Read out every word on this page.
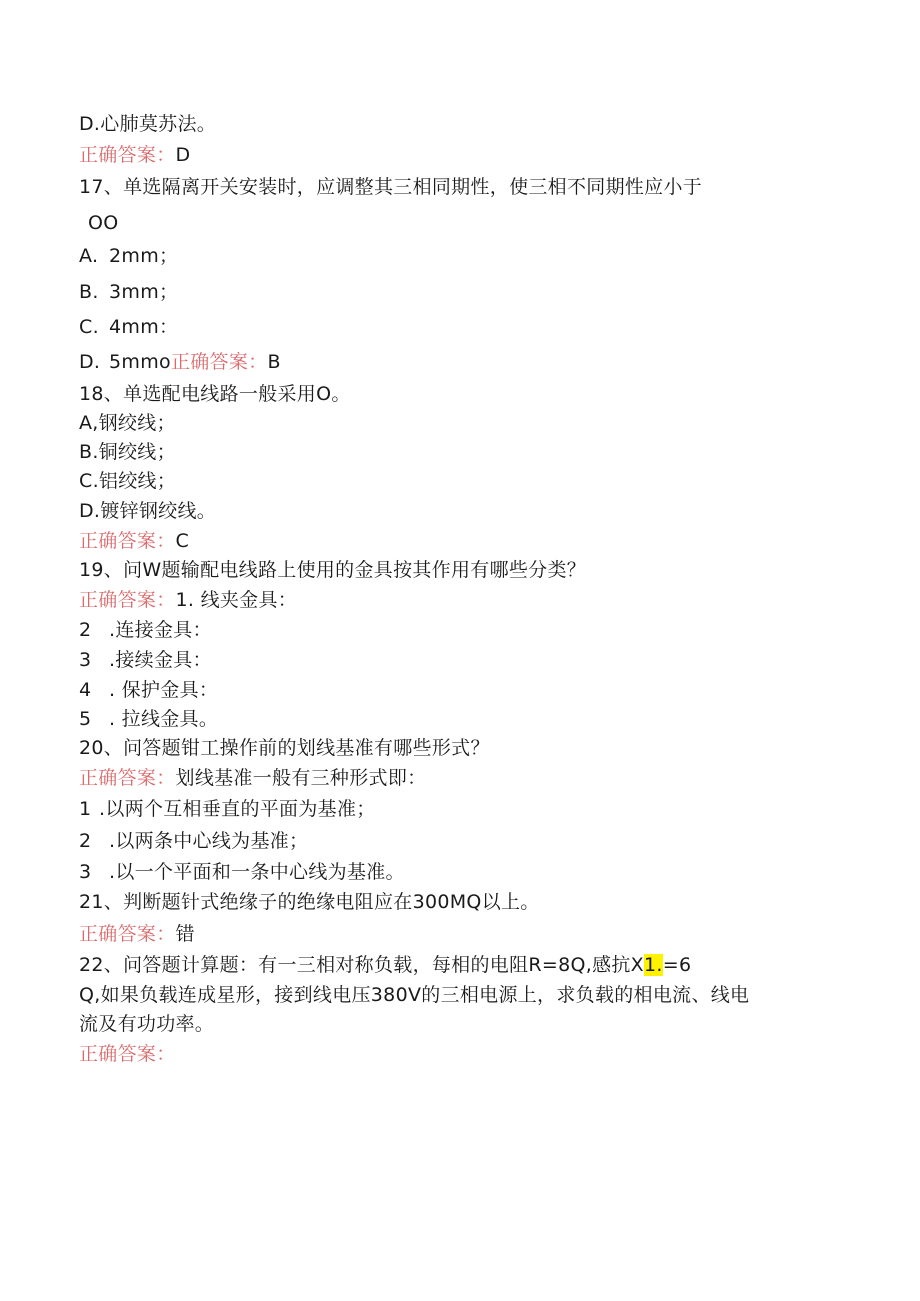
D.心肺莫苏法。
正确答案：D
17、单选隔离开关安装时，应调整其三相同期性，使三相不同期性应小于
OO
A. 2mm；
B. 3mm；
C. 4mm：
D. 5mmo正确答案：B
18、单选配电线路一般采用O。
A,钢绞线；
B.铜绞线；
C.铝绞线；
D.镀锌钢绞线。
正确答案：C
19、问W题输配电线路上使用的金具按其作用有哪些分类？
正确答案：1. 线夹金具：
2 .连接金具：
3 .接续金具：
4 . 保护金具：
5 . 拉线金具。
20、问答题钳工操作前的划线基准有哪些形式？
正确答案：划线基准一般有三种形式即：
1 .以两个互相垂直的平面为基准；
2 .以两条中心线为基准；
3 .以一个平面和一条中心线为基准。
21、判断题针式绝缘子的绝缘电阻应在300MQ以上。
正确答案：错
22、问答题计算题：有一三相对称负载，每相的电阻R=8Q,感抗X1.=6
Q,如果负载连成星形，接到线电压380V的三相电源上，求负载的相电流、线电
流及有功功率。
正确答案：
